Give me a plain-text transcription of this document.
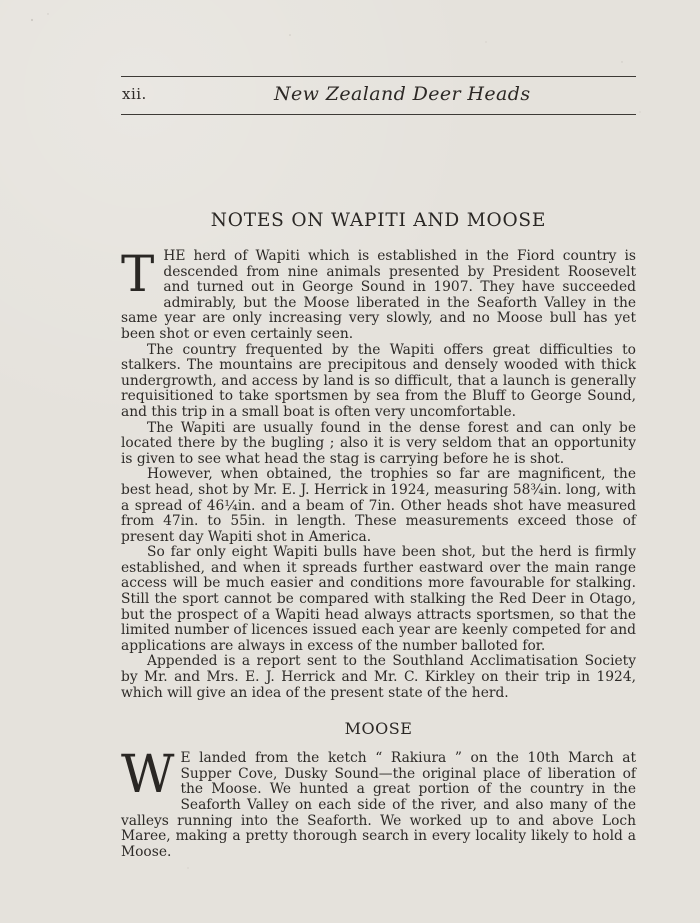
xii.	New Zealand Deer Heads
NOTES ON WAPITI AND MOOSE

T HE herd of Wapiti which is established in the Fiord country is descended from nine animals presented by President Roosevelt and turned out in George Sound in 1907. They have succeeded admirably, but the Moose liberated in the Seaforth Valley in the same year are only increasing very slowly, and no Moose bull has yet been shot or even certainly seen.

The country frequented by the Wapiti offers great difficulties to stalkers. The mountains are precipitous and densely wooded with thick undergrowth, and access by land is so difficult, that a launch is generally requisitioned to take sportsmen by sea from the Bluff to George Sound, and this trip in a small boat is often very uncomfortable.

The Wapiti are usually found in the dense forest and can only be located there by the bugling ; also it is very seldom that an opportunity is given to see what head the stag is carrying before he is shot.

However, when obtained, the trophies so far are magnificent, the best head, shot by Mr. E. J. Herrick in 1924, measuring 58¾in. long, with a spread of 46¼in. and a beam of 7in. Other heads shot have measured from 47in. to 55in. in length. These measurements exceed those of present day Wapiti shot in America.

So far only eight Wapiti bulls have been shot, but the herd is firmly established, and when it spreads further eastward over the main range access will be much easier and conditions more favourable for stalking. Still the sport cannot be compared with stalking the Red Deer in Otago, but the prospect of a Wapiti head always attracts sportsmen, so that the limited number of licences issued each year are keenly competed for and applications are always in excess of the number balloted for.

Appended is a report sent to the Southland Acclimatisation Society by Mr. and Mrs. E. J. Herrick and Mr. C. Kirkley on their trip in 1924, which will give an idea of the present state of the herd.

MOOSE

W E landed from the ketch “ Rakiura ” on the 10th March at Supper Cove, Dusky Sound—the original place of liberation of the Moose. We hunted a great portion of the country in the Seaforth Valley on each side of the river, and also many of the valleys running into the Seaforth. We worked up to and above Loch Maree, making a pretty thorough search in every locality likely to hold a Moose.
